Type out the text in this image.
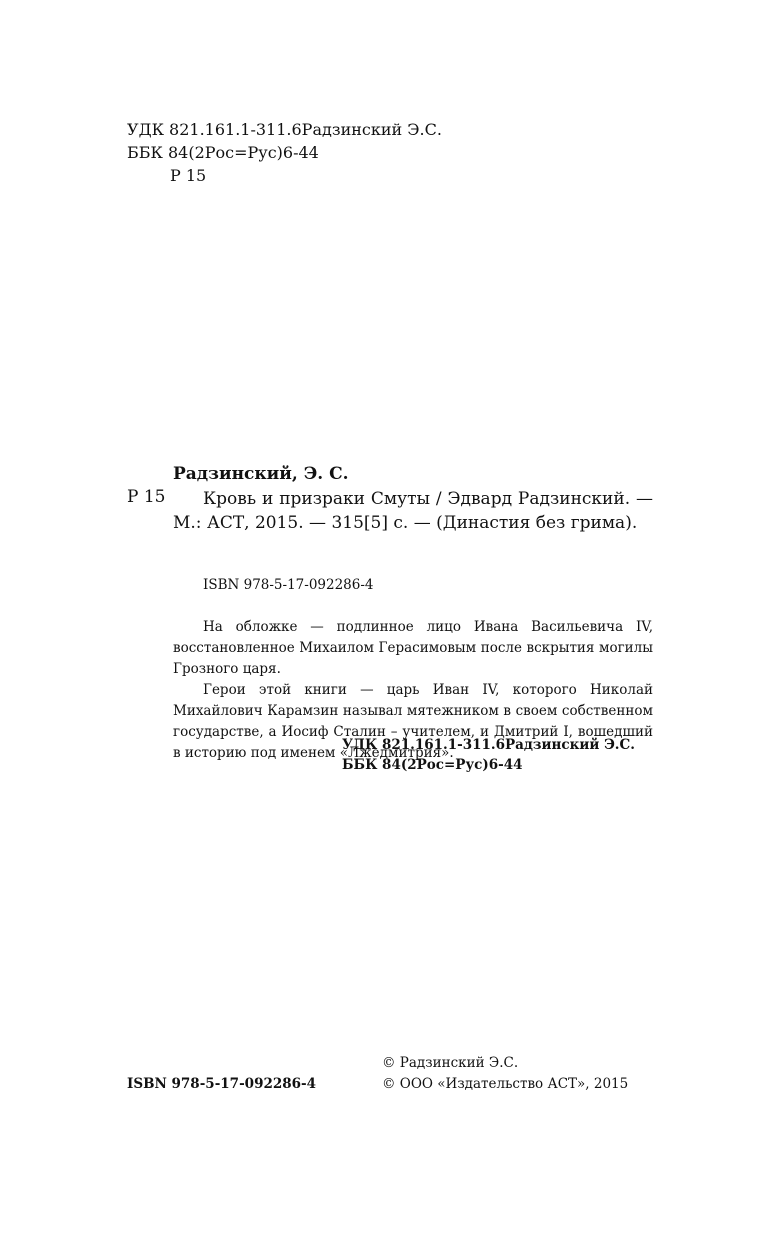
УДК 821.161.1-311.6Радзинский Э.С.
ББК 84(2Рос=Рус)6-44
Р 15
Радзинский, Э. С.
Р 15	Кровь и призраки Смуты / Эдвард Радзинский. — М.: АСТ, 2015. — 315[5] с. — (Династия без грима).
ISBN 978-5-17-092286-4

На обложке — подлинное лицо Ивана Васильевича IV, восстановленное Михаилом Герасимовым после вскрытия могилы Грозного царя.

Герои этой книги — царь Иван IV, которого Николай Михайлович Карамзин называл мятежником в своем собственном государстве, а Иосиф Сталин – учителем, и Дмитрий I, вошедший в историю под именем «Лжедмитрия».

УДК 821.161.1-311.6Радзинский Э.С.
ББК 84(2Рос=Рус)6-44
ISBN 978-5-17-092286-4
© Радзинский Э.С.
© ООО «Издательство АСТ», 2015
